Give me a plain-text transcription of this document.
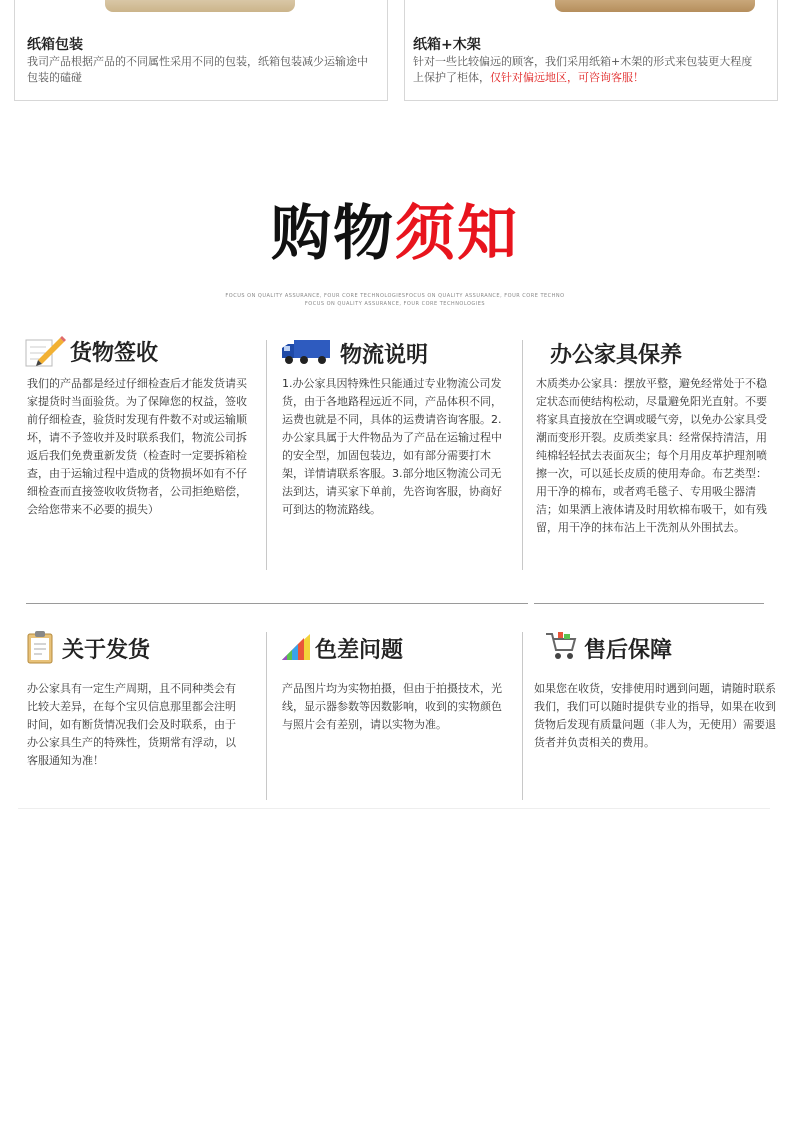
纸箱包装
我司产品根据产品的不同属性采用不同的包装，纸箱包装减少运输途中包装的磕碰
纸箱+木架
针对一些比较偏远的顾客，我们采用纸箱+木架的形式来包装更大程度上保护了柜体，仅针对偏远地区，可咨询客服！
购物须知
FOCUS ON QUALITY ASSURANCE, FOUR CORE TECHNOLOGIESFOCUS ON QUALITY ASSURANCE, FOUR CORE TECHNO
FOCUS ON QUALITY ASSURANCE, FOUR CORE TECHNOLOGIES
货物签收
我们的产品都是经过仔细检查后才能发货请买家提货时当面验货。为了保障您的权益，签收前仔细检查，验货时发现有件数不对或运输顺坏，请不予签收并及时联系我们，物流公司拆返后我们免费重新发货（检查时一定要拆箱检查，由于运输过程中造成的货物损坏如有不仔细检查而直接签收收货物者，公司拒绝赔偿，会给您带来不必要的损失）
物流说明
1.办公家具因特殊性只能通过专业物流公司发货，由于各地路程远近不同，产品体积不同，运费也就是不同，具体的运费请咨询客服。2.办公家具属于大件物品为了产品在运输过程中的安全型，加固包装边，如有部分需要打木架，详情请联系客服。3.部分地区物流公司无法到达，请买家下单前，先咨询客服，协商好可到达的物流路线。
办公家具保养
木质类办公家具：摆放平整，避免经常处于不稳定状态而使结构松动，尽量避免阳光直射。不要将家具直接放在空调或暖气旁，以免办公家具受潮而变形开裂。皮质类家具：经常保持清洁，用纯棉轻轻拭去表面灰尘；每个月用皮革护理剂喷擦一次，可以延长皮质的使用寿命。布艺类型：用干净的棉布，或者鸡毛毯子、专用吸尘器清洁；如果洒上液体请及时用软棉布吸干，如有残留，用干净的抹布沾上干洗剂从外围拭去。
关于发货
办公家具有一定生产周期，且不同种类会有比较大差异，在每个宝贝信息那里都会注明时间，如有断货情况我们会及时联系，由于办公家具生产的特殊性，货期常有浮动，以客服通知为准！
色差问题
产品图片均为实物拍摄，但由于拍摄技术，光线，显示器参数等因数影响，收到的实物颜色与照片会有差别，请以实物为准。
售后保障
如果您在收货，安排使用时遇到问题，请随时联系我们，我们可以随时提供专业的指导，如果在收到货物后发现有质量问题（非人为，无使用）需要退货者并负责相关的费用。
